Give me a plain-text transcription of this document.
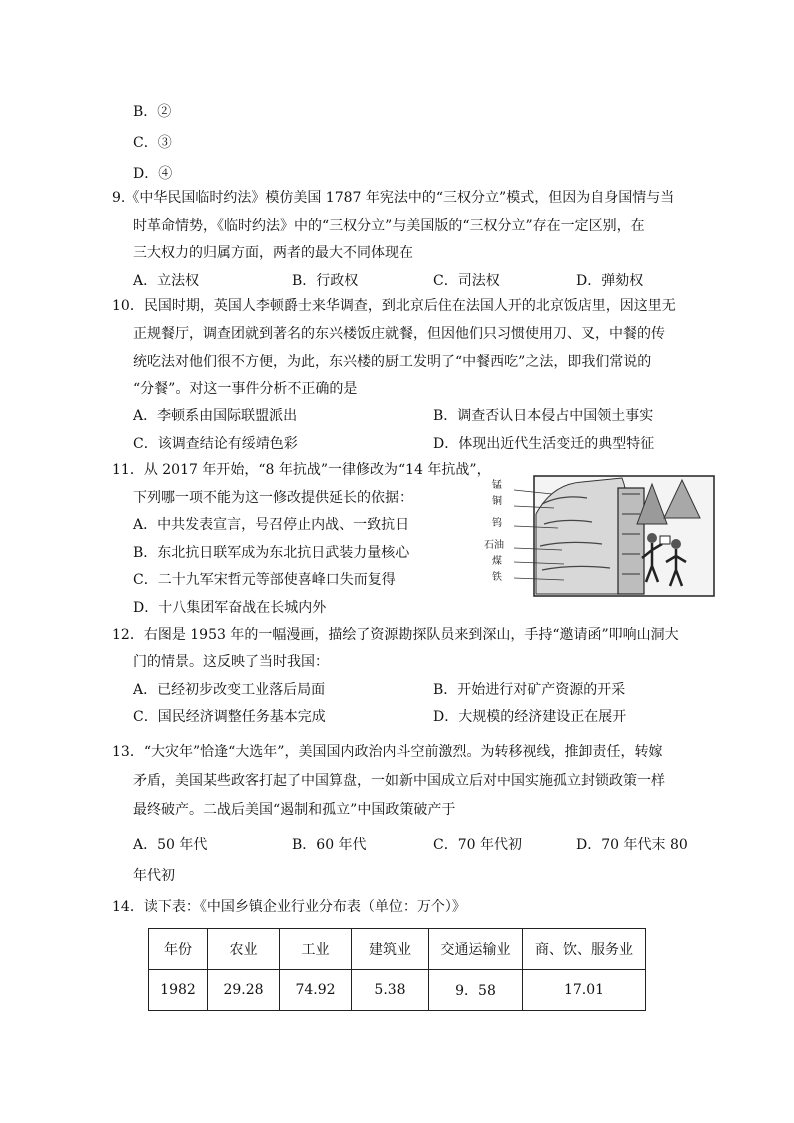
B．②
C．③
D．④
9.《中华民国临时约法》模仿美国 1787 年宪法中的“三权分立”模式，但因为自身国情与当
时革命情势，《临时约法》中的“三权分立”与美国版的“三权分立”存在一定区别，在
三大权力的归属方面，两者的最大不同体现在
A．立法权	B．行政权	C．司法权	D．弹劾权
10．民国时期，英国人李顿爵士来华调查，到北京后住在法国人开的北京饭店里，因这里无
正规餐厅，调查团就到著名的东兴楼饭庄就餐，但因他们只习惯使用刀、叉，中餐的传
统吃法对他们很不方便，为此，东兴楼的厨工发明了“中餐西吃”之法，即我们常说的
“分餐”。对这一事件分析不正确的是
A．李顿系由国际联盟派出	B．调查否认日本侵占中国领土事实
C．该调查结论有绥靖色彩	D．体现出近代生活变迁的典型特征
11．从 2017 年开始，“8 年抗战”一律修改为“14 年抗战”，
下列哪一项不能为这一修改提供延长的依据：
A．中共发表宣言，号召停止内战、一致抗日
B．东北抗日联军成为东北抗日武装力量核心
C．二十九军宋哲元等部使喜峰口失而复得
D．十八集团军奋战在长城内外
锰
铜
钨
石油
煤
铁
12．右图是 1953 年的一幅漫画，描绘了资源勘探队员来到深山，手持“邀请函”叩响山洞大
门的情景。这反映了当时我国：
A．已经初步改变工业落后局面	B．开始进行对矿产资源的开采
C．国民经济调整任务基本完成	D．大规模的经济建设正在展开
13．“大灾年”恰逢“大选年”，美国国内政治内斗空前激烈。为转移视线，推卸责任，转嫁
矛盾，美国某些政客打起了中国算盘，一如新中国成立后对中国实施孤立封锁政策一样
最终破产。二战后美国“遏制和孤立”中国政策破产于
A．50 年代	B．60 年代	C．70 年代初	D．70 年代末 80
年代初
14．读下表：《中国乡镇企业行业分布表（单位：万个）》
年份	农业	工业	建筑业	交通运输业	商、饮、服务业
1982	29.28	74.92	5.38	9．58	17.01
